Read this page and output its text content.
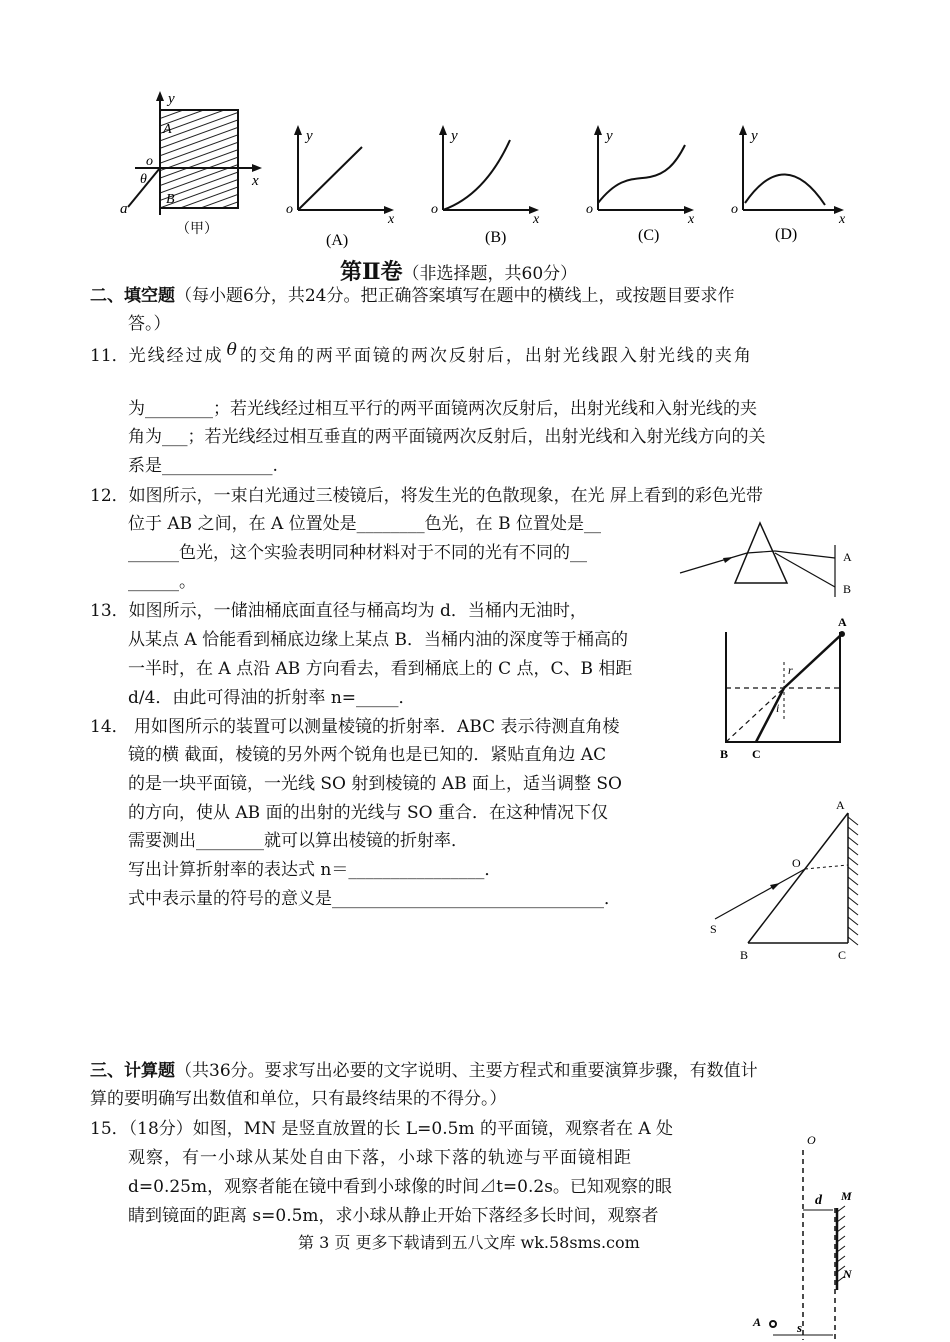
y
A
o
θ	x
B
a
（甲）
y
o
x
(A)
y
o
x
(B)
y
o
x
(C)
y
o
x
(D)
第Ⅱ卷（非选择题，共60分）
二、填空题（每小题6分，共24分。把正确答案填写在题中的横线上，或按题目要求作
答。）
11．光线经过成 θ 的交角的两平面镜的两次反射后，出射光线跟入射光线的夹角
为________；若光线经过相互平行的两平面镜两次反射后，出射光线和入射光线的夹
角为___；若光线经过相互垂直的两平面镜两次反射后，出射光线和入射光线方向的关
系是_____________.
12．如图所示，一束白光通过三棱镜后，将发生光的色散现象，在光 屏上看到的彩色光带
位于 AB 之间，在 A 位置处是________色光，在 B 位置处是__
______色光，这个实验表明同种材料对于不同的光有不同的__
______。
A
B
13．如图所示，一储油桶底面直径与桶高均为 d．当桶内无油时，
从某点 A 恰能看到桶底边缘上某点 B．当桶内油的深度等于桶高的
一半时，在 A 点沿 AB 方向看去，看到桶底上的 C 点，C、B 相距
d/4．由此可得油的折射率 n=_____．
A
r
i
B C
14． 用如图所示的装置可以测量棱镜的折射率．ABC 表示待测直角棱
镜的横 截面，棱镜的另外两个锐角也是已知的．紧贴直角边 AC
的是一块平面镜，一光线 SO 射到棱镜的 AB 面上，适当调整 SO
的方向，使从 AB 面的出射的光线与 SO 重合．在这种情况下仅
需要测出________就可以算出棱镜的折射率．
写出计算折射率的表达式 n＝________________．
式中表示量的符号的意义是________________________________．
A
O
S
B	C
三、计算题（共36分。要求写出必要的文字说明、主要方程式和重要演算步骤，有数值计
算的要明确写出数值和单位，只有最终结果的不得分。）
15．（18分）如图，MN 是竖直放置的长 L=0.5m 的平面镜，观察者在 A 处
观察，有一小球从某处自由下落，小球下落的轨迹与平面镜相距
d=0.25m，观察者能在镜中看到小球像的时间⊿t=0.2s。已知观察的眼
睛到镜面的距离 s=0.5m，求小球从静止开始下落经多长时间，观察者
O
d M
N
A	s
第 3 页 更多下载请到五八文库 wk.58sms.com
